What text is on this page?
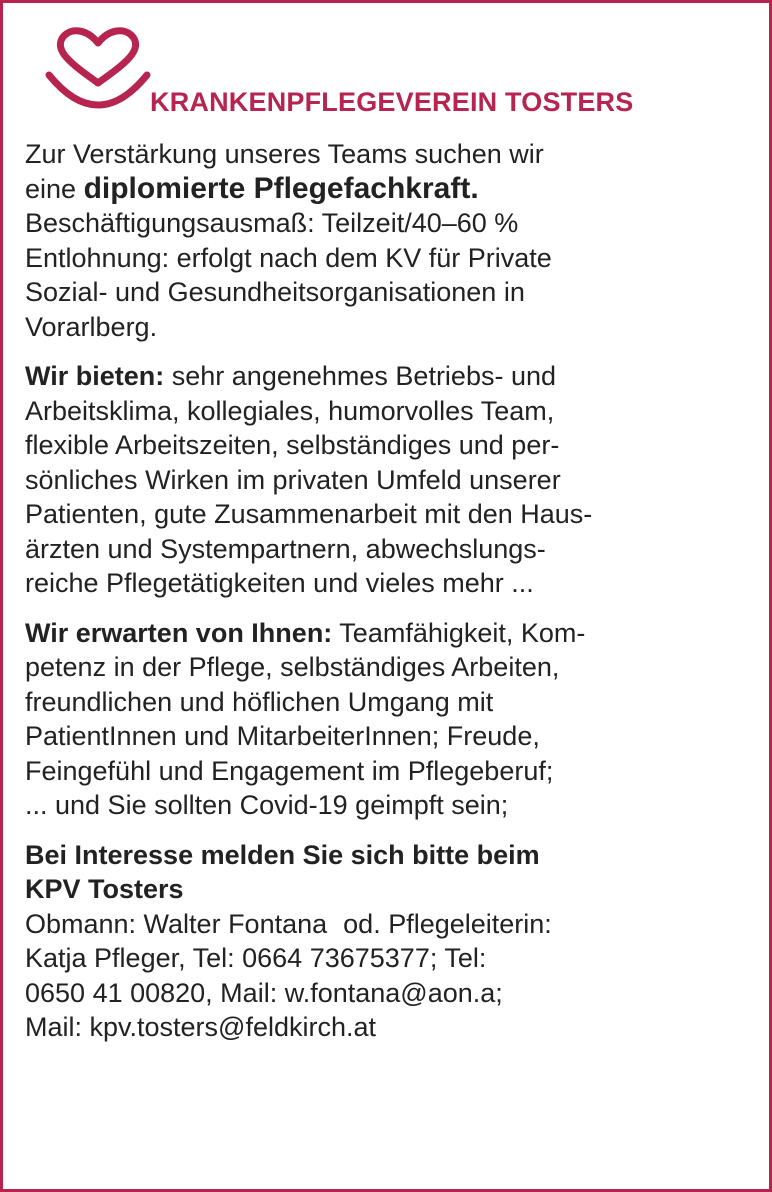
KRANKENPFLEGEVEREIN TOSTERS
Zur Verstärkung unseres Teams suchen wir
eine diplomierte Pflegefachkraft.
Beschäftigungsausmaß: Teilzeit/40–60 %
Entlohnung: erfolgt nach dem KV für Private
Sozial- und Gesundheitsorganisationen in
Vorarlberg.
Wir bieten: sehr angenehmes Betriebs- und
Arbeitsklima, kollegiales, humorvolles Team,
flexible Arbeitszeiten, selbständiges und per-
sönliches Wirken im privaten Umfeld unserer
Patienten, gute Zusammenarbeit mit den Haus-
ärzten und Systempartnern, abwechslungs-
reiche Pflegetätigkeiten und vieles mehr ...
Wir erwarten von Ihnen: Teamfähigkeit, Kom-
petenz in der Pflege, selbständiges Arbeiten,
freundlichen und höflichen Umgang mit
PatientInnen und MitarbeiterInnen; Freude,
Feingefühl und Engagement im Pflegeberuf;
... und Sie sollten Covid-19 geimpft sein;
Bei Interesse melden Sie sich bitte beim
KPV Tosters
Obmann: Walter Fontana od. Pflegeleiterin:
Katja Pfleger, Tel: 0664 73675377; Tel:
0650 41 00820, Mail: w.fontana@aon.a;
Mail: kpv.tosters@feldkirch.at
